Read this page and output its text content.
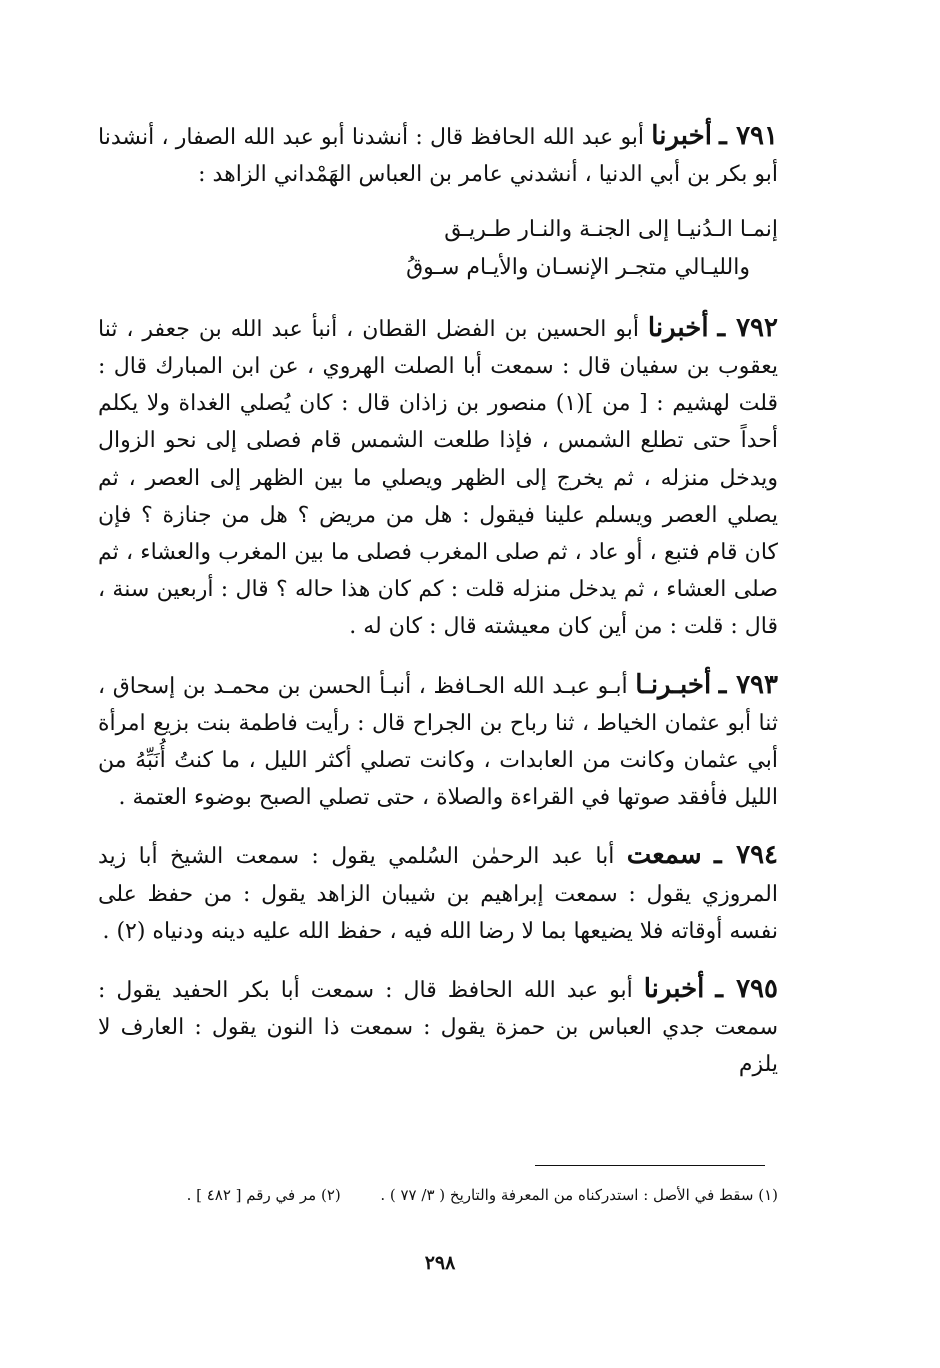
٧٩١ ـ أخبرنا أبو عبد الله الحافظ قال : أنشدنا أبو عبد الله الصفار ، أنشدنا أبو بكر بن أبي الدنيا ، أنشدني عامر بن العباس الهَمْداني الزاهد :

إنمـا الـدُنيـا إلى الجنـة والنـار طـريـق
والليـالي متجـر الإنسـان والأيـام سـوقُ

٧٩٢ ـ أخبرنا أبو الحسين بن الفضل القطان ، أنبأ عبد الله بن جعفر ، ثنا يعقوب بن سفيان قال : سمعت أبا الصلت الهروي ، عن ابن المبارك قال : قلت لهشيم : [ من ](١) منصور بن زاذان قال : كان يُصلي الغداة ولا يكلم أحداً حتى تطلع الشمس ، فإذا طلعت الشمس قام فصلى إلى نحو الزوال ويدخل منزله ، ثم يخرج إلى الظهر ويصلي ما بين الظهر إلى العصر ، ثم يصلي العصر ويسلم علينا فيقول : هل من مريض ؟ هل من جنازة ؟ فإن كان قام فتبع ، أو عاد ، ثم صلى المغرب فصلى ما بين المغرب والعشاء ، ثم صلى العشاء ، ثم يدخل منزله قلت : كم كان هذا حاله ؟ قال : أربعين سنة ، قال : قلت : من أين كان معيشته قال : كان له .

٧٩٣ ـ أخبـرنـا أبـو عبـد الله الحـافظ ، أنبـأ الحسن بن محمـد بن إسحاق ، ثنا أبو عثمان الخياط ، ثنا رباح بن الجراح قال : رأيت فاطمة بنت بزيع امرأة أبي عثمان وكانت من العابدات ، وكانت تصلي أكثر الليل ، ما كنتُ أُنَبِّهُ من الليل فأفقد صوتها في القراءة والصلاة ، حتى تصلي الصبح بوضوء العتمة .

٧٩٤ ـ سمعت أبا عبد الرحمٰن السُلمي يقول : سمعت الشيخ أبا زيد المروزي يقول : سمعت إبراهيم بن شيبان الزاهد يقول : من حفظ على نفسه أوقاته فلا يضيعها بما لا رضا الله فيه ، حفظ الله عليه دينه ودنياه (٢) .

٧٩٥ ـ أخبرنا أبو عبد الله الحافظ قال : سمعت أبا بكر الحفيد يقول : سمعت جدي العباس بن حمزة يقول : سمعت ذا النون يقول : العارف لا يلزم

(١) سقط في الأصل : استدركناه من المعرفة والتاريخ ( ٣/ ٧٧ ) .  (٢) مر في رقم [ ٤٨٢ ] .
٢٩٨
